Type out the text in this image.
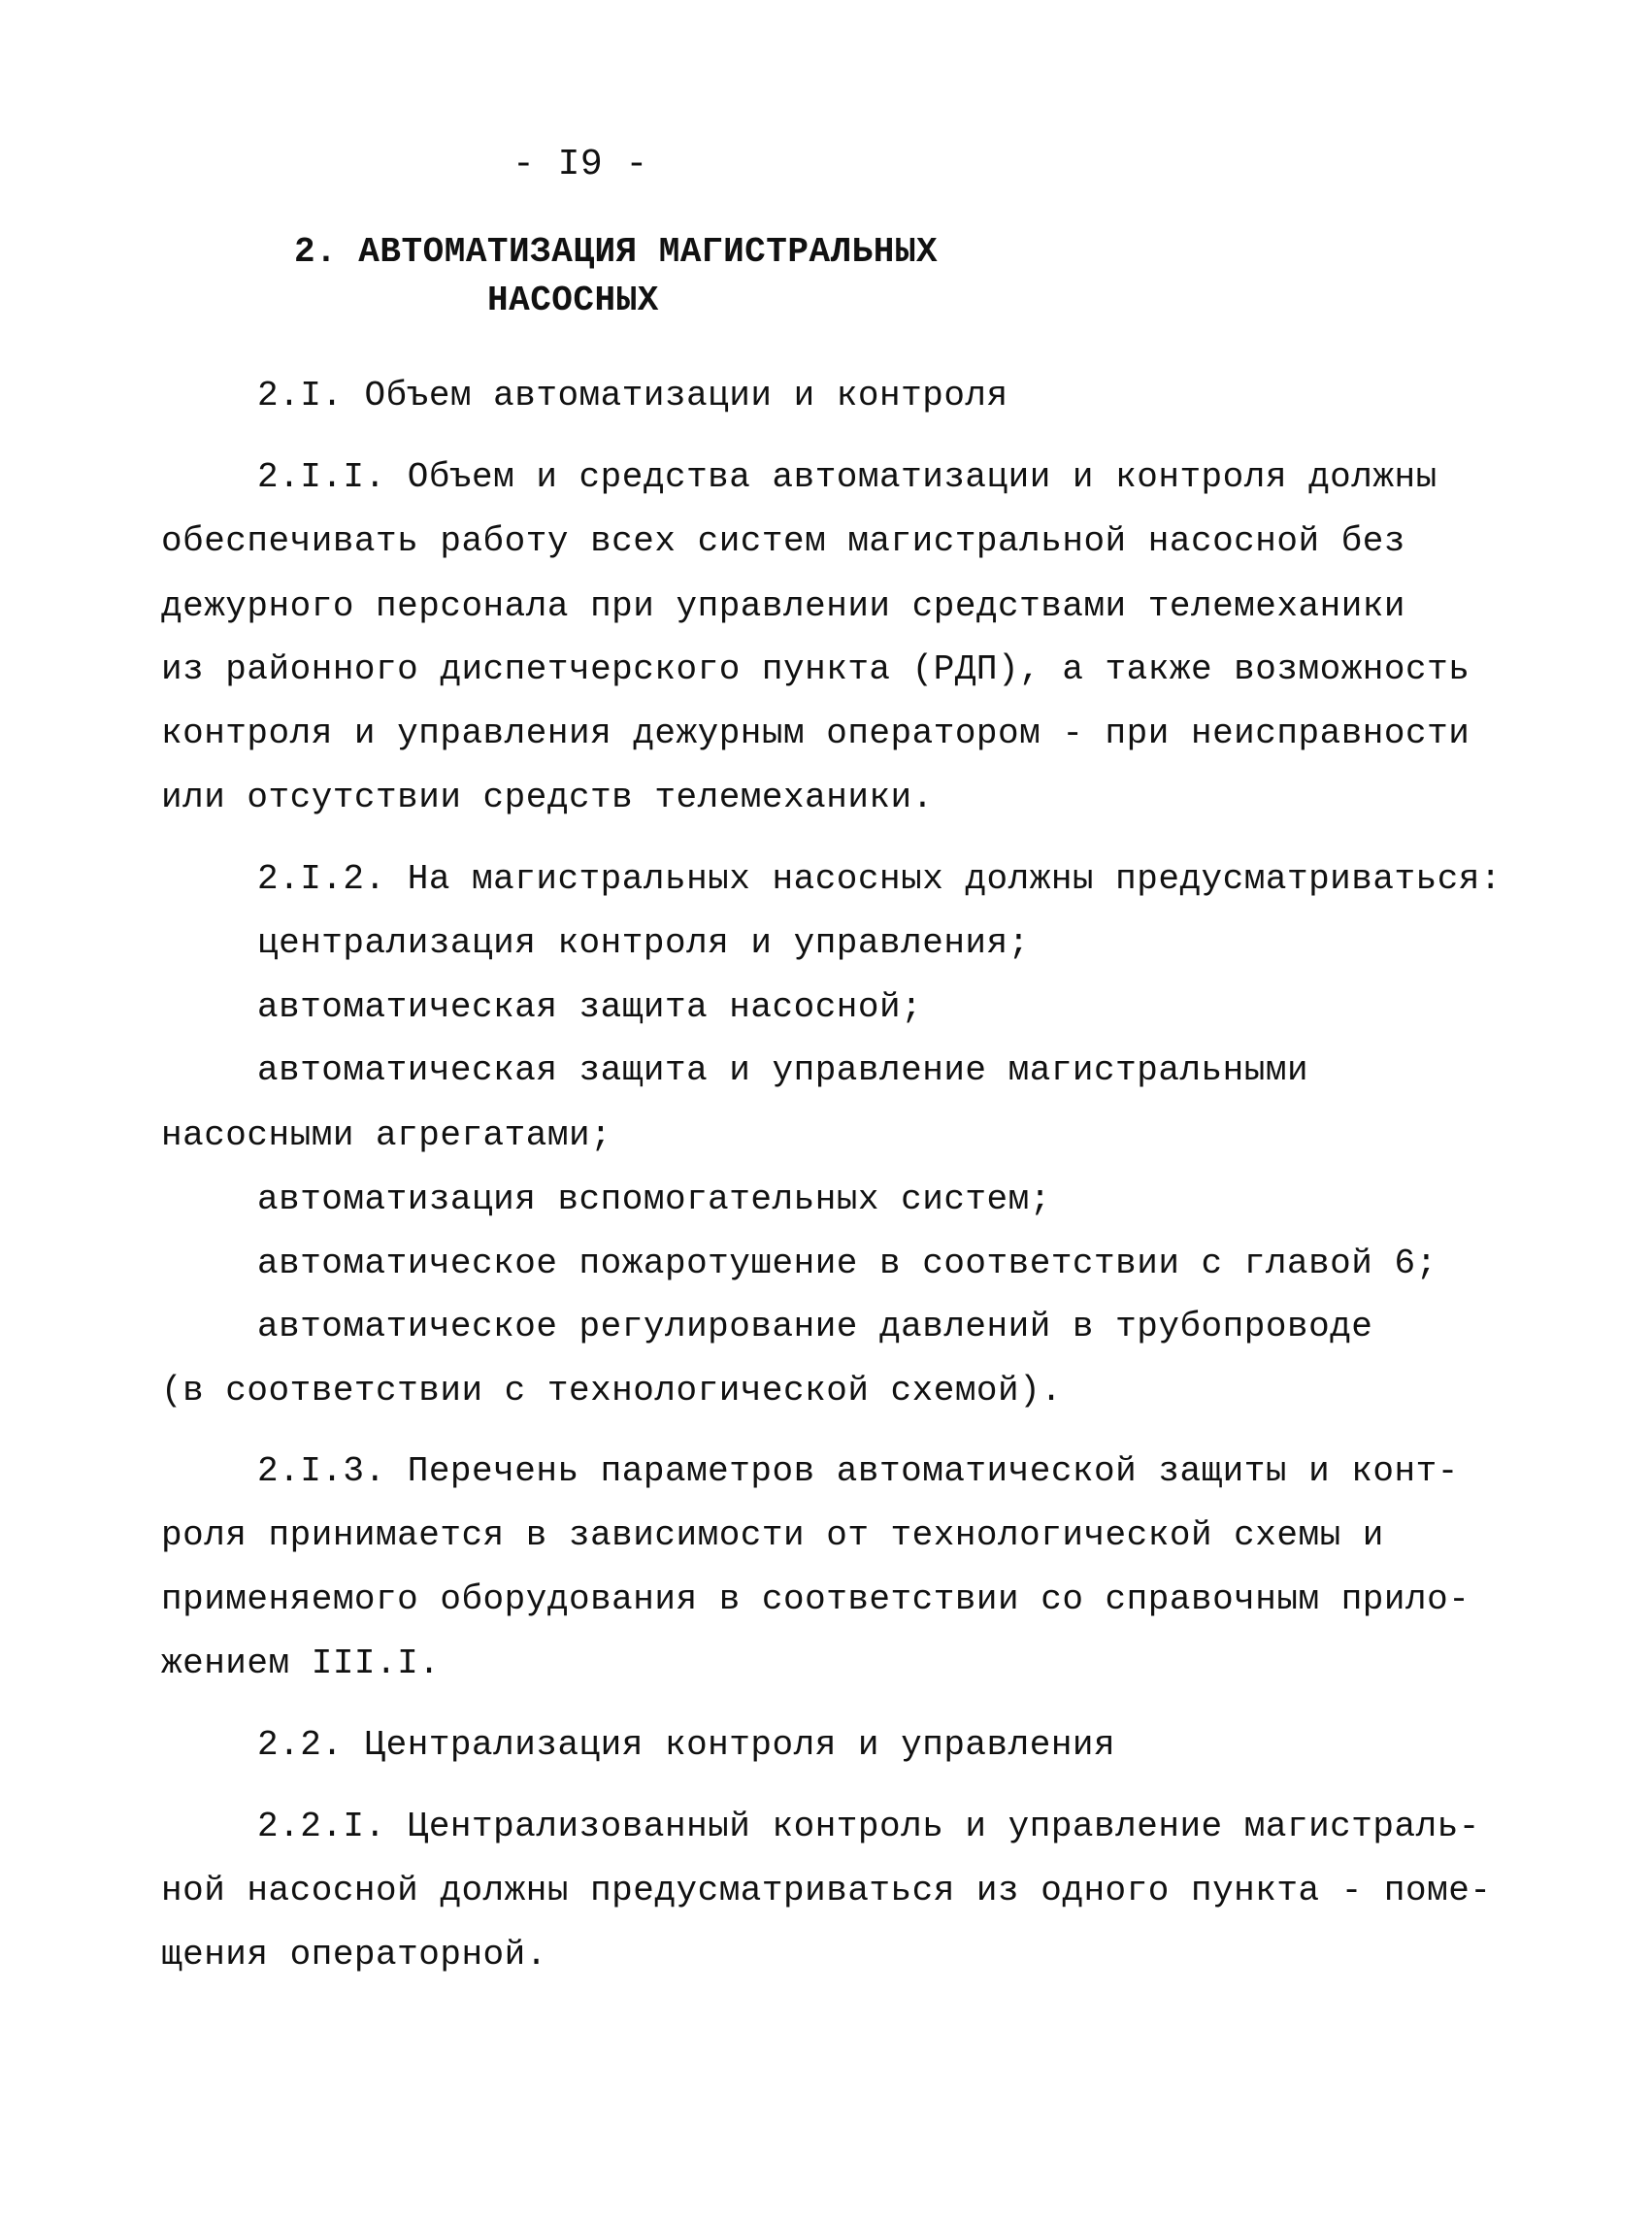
- I9 -
2. АВТОМАТИЗАЦИЯ МАГИСТРАЛЬНЫХ
НАСОСНЫХ
2.I. Объем автоматизации и контроля
2.I.I. Объем и средства автоматизации и контроля должны
обеспечивать работу всех систем магистральной насосной без
дежурного персонала при управлении средствами телемеханики
из районного диспетчерского пункта (РДП), а также возможность
контроля и управления дежурным оператором - при неисправности
или отсутствии средств телемеханики.
2.I.2. На магистральных насосных должны предусматриваться:
централизация контроля и управления;
автоматическая защита насосной;
автоматическая защита и управление магистральными
насосными агрегатами;
автоматизация вспомогательных систем;
автоматическое пожаротушение в соответствии с главой 6;
автоматическое регулирование давлений в трубопроводе
(в соответствии с технологической схемой).
2.I.3. Перечень параметров автоматической защиты и конт-
роля принимается в зависимости от технологической схемы и
применяемого оборудования в соответствии со справочным прило-
жением III.I.
2.2. Централизация контроля и управления
2.2.I. Централизованный контроль и управление магистраль-
ной насосной должны предусматриваться из одного пункта - поме-
щения операторной.
